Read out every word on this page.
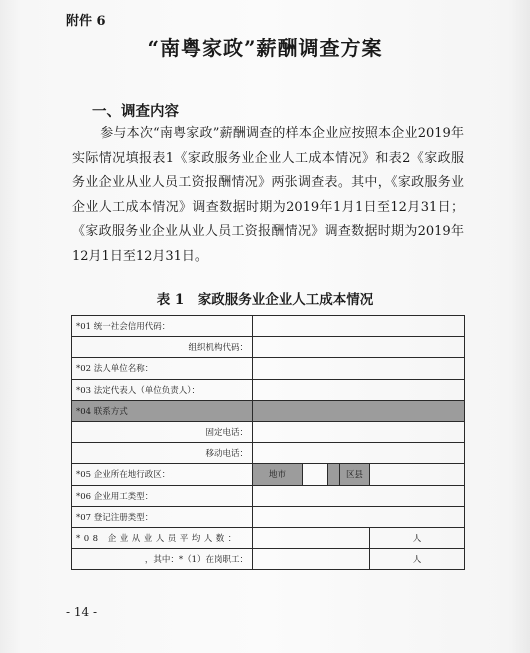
附件 6
“南粤家政”薪酬调查方案
一、调查内容
参与本次“南粤家政”薪酬调查的样本企业应按照本企业2019年实际情况填报表1《家政服务业企业人工成本情况》和表2《家政服务业企业从业人员工资报酬情况》两张调查表。其中，《家政服务业企业人工成本情况》调查数据时期为2019年1月1日至12月31日；《家政服务业企业从业人员工资报酬情况》调查数据时期为2019年12月1日至12月31日。
表 1　家政服务业企业人工成本情况
*01 统一社会信用代码：					
组织机构代码：					
*02 法人单位名称：					
*03 法定代表人（单位负责人）：					
*04 联系方式					
固定电话：					
移动电话：					
*05 企业所在地行政区：	地市			区县	
*06 企业用工类型：					
*07 登记注册类型：					
*08 企业从业人员平均人数：					人
，其中：*（1）在岗职工：					人
- 14 -
